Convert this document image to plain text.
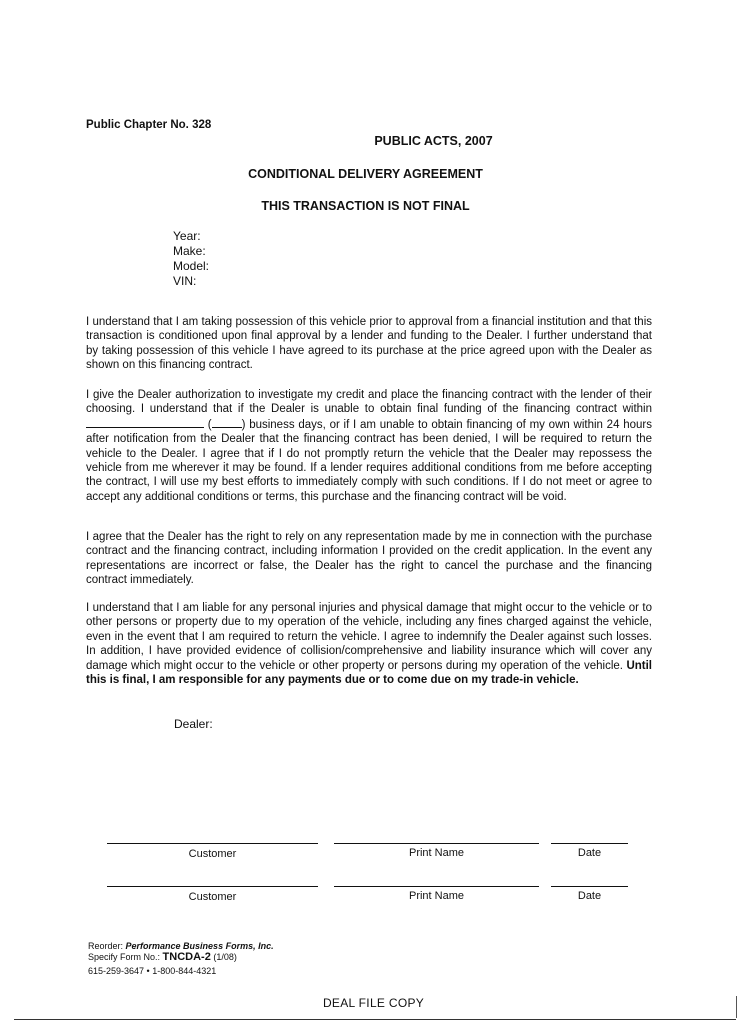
Public Chapter No. 328
PUBLIC ACTS, 2007
CONDITIONAL DELIVERY AGREEMENT
THIS TRANSACTION IS NOT FINAL
Year:
Make:
Model:
VIN:

I understand that I am taking possession of this vehicle prior to approval from a financial institution and that this transaction is conditioned upon final approval by a lender and funding to the Dealer. I further understand that by taking possession of this vehicle I have agreed to its purchase at the price agreed upon with the Dealer as shown on this financing contract.

I give the Dealer authorization to investigate my credit and place the financing contract with the lender of their choosing. I understand that if the Dealer is unable to obtain final funding of the financing contract within  (	) business days, or if I am unable to obtain financing of my own within 24 hours after notification from the Dealer that the financing contract has been denied, I will be required to return the vehicle to the Dealer. I agree that if I do not promptly return the vehicle that the Dealer may repossess the vehicle from me wherever it may be found. If a lender requires additional conditions from me before accepting the contract, I will use my best efforts to immediately comply with such conditions. If I do not meet or agree to accept any additional conditions or terms, this purchase and the financing contract will be void.

I agree that the Dealer has the right to rely on any representation made by me in connection with the purchase contract and the financing contract, including information I provided on the credit application. In the event any representations are incorrect or false, the Dealer has the right to cancel the purchase and the financing contract immediately.

I understand that I am liable for any personal injuries and physical damage that might occur to the vehicle or to other persons or property due to my operation of the vehicle, including any fines charged against the vehicle, even in the event that I am required to return the vehicle. I agree to indemnify the Dealer against such losses. In addition, I have provided evidence of collision/comprehensive and liability insurance which will cover any damage which might occur to the vehicle or other property or persons during my operation of the vehicle. Until this is final, I am responsible for any payments due or to come due on my trade-in vehicle.

Dealer:
Customer	Print Name	Date
Customer	Print Name	Date
Reorder: Performance Business Forms, Inc.
Specify Form No.: TNCDA-2 (1/08)
615-259-3647 • 1-800-844-4321
DEAL FILE COPY
